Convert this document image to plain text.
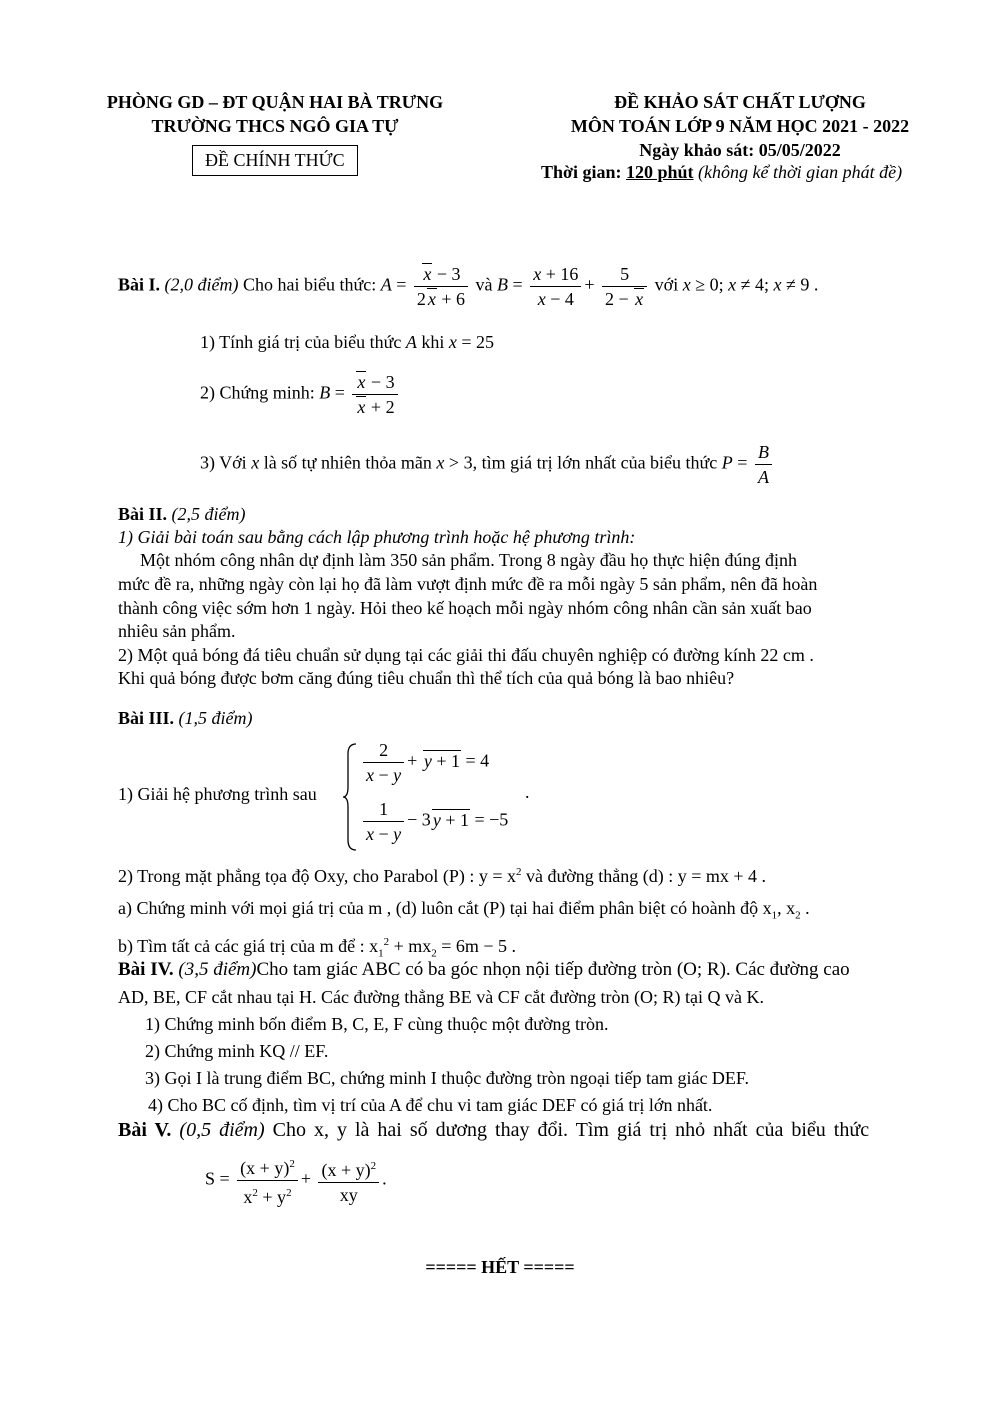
PHÒNG GD – ĐT QUẬN HAI BÀ TRƯNG
TRƯỜNG THCS NGÔ GIA TỰ
ĐỀ CHÍNH THỨC
ĐỀ KHẢO SÁT CHẤT LƯỢNG
MÔN TOÁN LỚP 9 NĂM HỌC 2021 - 2022
Ngày khảo sát: 05/05/2022
Thời gian: 120 phút (không kể thời gian phát đề)
Bài I. (2,0 điểm) Cho hai biểu thức: $A = \frac{x - 3}{2 x + 6}$ và $B = \frac{x + 16}{x - 4} + \frac{5}{2 - x}$ với x ≥ 0; x ≠ 4; x ≠ 9 .
1) Tính giá trị của biểu thức A khi x = 25
2) Chứng minh: $B = \frac{x - 3}{x + 2}$
3) Với x là số tự nhiên thỏa mãn x > 3, tìm giá trị lớn nhất của biểu thức $P = \frac{B}{A}$
Bài II. (2,5 điểm)
1) Giải bài toán sau bằng cách lập phương trình hoặc hệ phương trình:
Một nhóm công nhân dự định làm 350 sản phẩm. Trong 8 ngày đầu họ thực hiện đúng định
mức đề ra, những ngày còn lại họ đã làm vượt định mức đề ra mỗi ngày 5 sản phẩm, nên đã hoàn
thành công việc sớm hơn 1 ngày. Hỏi theo kế hoạch mỗi ngày nhóm công nhân cần sản xuất bao
nhiêu sản phẩm.
2) Một quả bóng đá tiêu chuẩn sử dụng tại các giải thi đấu chuyên nghiệp có đường kính 22 cm .
Khi quả bóng được bơm căng đúng tiêu chuẩn thì thể tích của quả bóng là bao nhiêu?
Bài III. (1,5 điểm)
1) Giải hệ phương trình sau
$\frac{2}{x - y} + y + 1 = 4$
$\frac{1}{x - y} - 3$ y + 1 = −5
.
2) Trong mặt phẳng tọa độ Oxy, cho Parabol (P) : $y = x^2$ và đường thẳng (d) : y = mx + 4 .
a) Chứng minh với mọi giá trị của m , (d) luôn cắt (P) tại hai điểm phân biệt có hoành độ $x_1$, $x_2$ .
b) Tìm tất cả các giá trị của m để : $x_1^2 + mx_2 = 6m - 5$ .
Bài IV. (3,5 điểm)Cho tam giác ABC có ba góc nhọn nội tiếp đường tròn (O; R). Các đường cao
AD, BE, CF cắt nhau tại H. Các đường thẳng BE và CF cắt đường tròn (O; R) tại Q và K.
1) Chứng minh bốn điểm B, C, E, F cùng thuộc một đường tròn.
2) Chứng minh KQ // EF.
3) Gọi I là trung điểm BC, chứng minh I thuộc đường tròn ngoại tiếp tam giác DEF.
4) Cho BC cố định, tìm vị trí của A để chu vi tam giác DEF có giá trị lớn nhất.
Bài V. (0,5 điểm) Cho x, y là hai số dương thay đổi. Tìm giá trị nhỏ nhất của biểu thức
$S = \frac{(x + y)^2}{x^2 + y^2} + \frac{(x + y)^2}{xy}$ .
===== HẾT =====
